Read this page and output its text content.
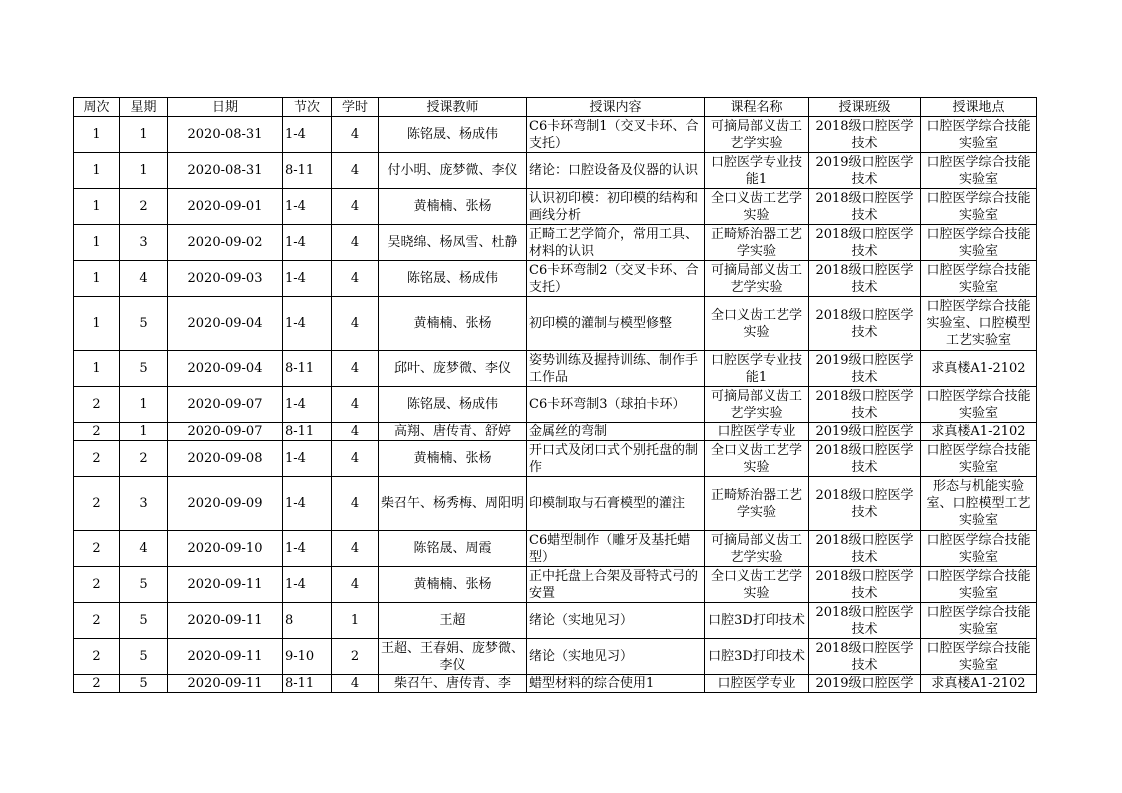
周次	星期	日期	节次	学时	授课教师	授课内容	课程名称	授课班级	授课地点
1	1	2020-08-31	1-4	4	陈铭晟、杨成伟	C6卡环弯制1（交叉卡环、合支托）	可摘局部义齿工艺学实验	2018级口腔医学技术	口腔医学综合技能实验室
1	1	2020-08-31	8-11	4	付小明、庞梦微、李仪	绪论：口腔设备及仪器的认识	口腔医学专业技能1	2019级口腔医学技术	口腔医学综合技能实验室
1	2	2020-09-01	1-4	4	黄楠楠、张杨	认识初印模：初印模的结构和画线分析	全口义齿工艺学实验	2018级口腔医学技术	口腔医学综合技能实验室
1	3	2020-09-02	1-4	4	吴晓绵、杨凤雪、杜静	正畸工艺学简介，常用工具、材料的认识	正畸矫治器工艺学实验	2018级口腔医学技术	口腔医学综合技能实验室
1	4	2020-09-03	1-4	4	陈铭晟、杨成伟	C6卡环弯制2（交叉卡环、合支托）	可摘局部义齿工艺学实验	2018级口腔医学技术	口腔医学综合技能实验室
1	5	2020-09-04	1-4	4	黄楠楠、张杨	初印模的灌制与模型修整	全口义齿工艺学实验	2018级口腔医学技术	口腔医学综合技能实验室、口腔模型工艺实验室
1	5	2020-09-04	8-11	4	邱叶、庞梦微、李仪	姿势训练及握持训练、制作手工作品	口腔医学专业技能1	2019级口腔医学技术	求真楼A1-2102
2	1	2020-09-07	1-4	4	陈铭晟、杨成伟	C6卡环弯制3（球拍卡环）	可摘局部义齿工艺学实验	2018级口腔医学技术	口腔医学综合技能实验室
2	1	2020-09-07	8-11	4	高翔、唐传青、舒婷	金属丝的弯制	口腔医学专业	2019级口腔医学	求真楼A1-2102
2	2	2020-09-08	1-4	4	黄楠楠、张杨	开口式及闭口式个别托盘的制作	全口义齿工艺学实验	2018级口腔医学技术	口腔医学综合技能实验室
2	3	2020-09-09	1-4	4	柴召午、杨秀梅、周阳明	印模制取与石膏模型的灌注	正畸矫治器工艺学实验	2018级口腔医学技术	形态与机能实验室、口腔模型工艺实验室
2	4	2020-09-10	1-4	4	陈铭晟、周霞	C6蜡型制作（雕牙及基托蜡型）	可摘局部义齿工艺学实验	2018级口腔医学技术	口腔医学综合技能实验室
2	5	2020-09-11	1-4	4	黄楠楠、张杨	正中托盘上合架及哥特式弓的安置	全口义齿工艺学实验	2018级口腔医学技术	口腔医学综合技能实验室
2	5	2020-09-11	8	1	王超	绪论（实地见习）	口腔3D打印技术	2018级口腔医学技术	口腔医学综合技能实验室
2	5	2020-09-11	9-10	2	王超、王春娟、庞梦微、李仪	绪论（实地见习）	口腔3D打印技术	2018级口腔医学技术	口腔医学综合技能实验室
2	5	2020-09-11	8-11	4	柴召午、唐传青、李	蜡型材料的综合使用1	口腔医学专业	2019级口腔医学	求真楼A1-2102
